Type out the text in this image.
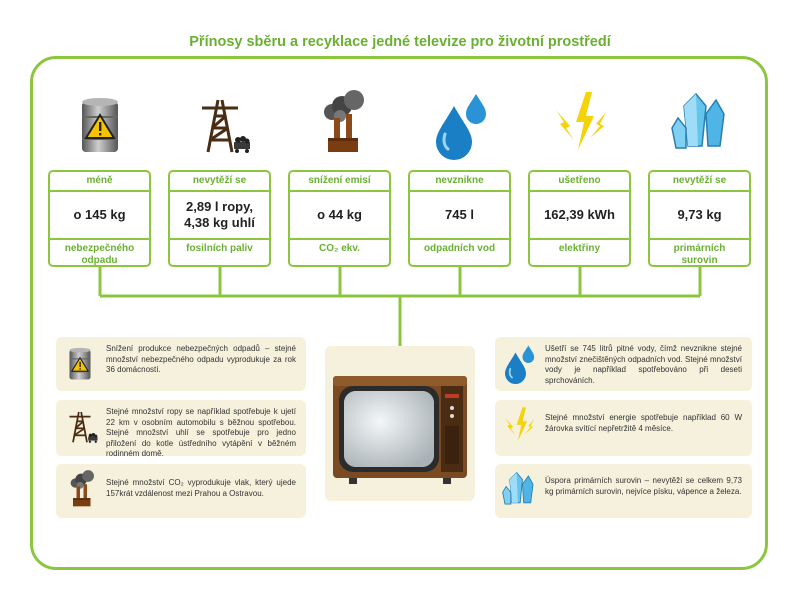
Přínosy sběru a recyklace jedné televize pro životní prostředí
méně
o 145 kg
nebezpečného
odpadu
nevytěží se
2,89 l ropy,
4,38 kg uhlí
fosilních paliv
snížení emisí
o 44 kg
CO₂ ekv.
nevznikne
745 l
odpadních vod
ušetřeno
162,39 kWh
elektřiny
nevytěží se
9,73 kg
primárních
surovin
Snížení produkce nebezpečných odpadů – stejné množství nebezpečného odpadu vyprodukuje za rok 36 domácností.
Stejné množství ropy se například spotřebuje k ujetí 22 km v osobním automobilu s běžnou spotřebou. Stejné množství uhlí se spotřebuje pro jedno přiložení do kotle ústředního vytápění v běžném rodinném domě.
Stejné množství CO₂ vyprodukuje vlak, který ujede 157krát vzdálenost mezi Prahou a Ostravou.
Ušetří se 745 litrů pitné vody, čímž nevznikne stejné množství znečištěných odpadních vod. Stejné množství vody je například spotřebováno při deseti sprchováních.
Stejné množství energie spotřebuje například 60 W žárovka svítící nepřetržitě 4 měsíce.
Úspora primárních surovin – nevytěží se celkem 9,73 kg primárních surovin, nejvíce písku, vápence a železa.
